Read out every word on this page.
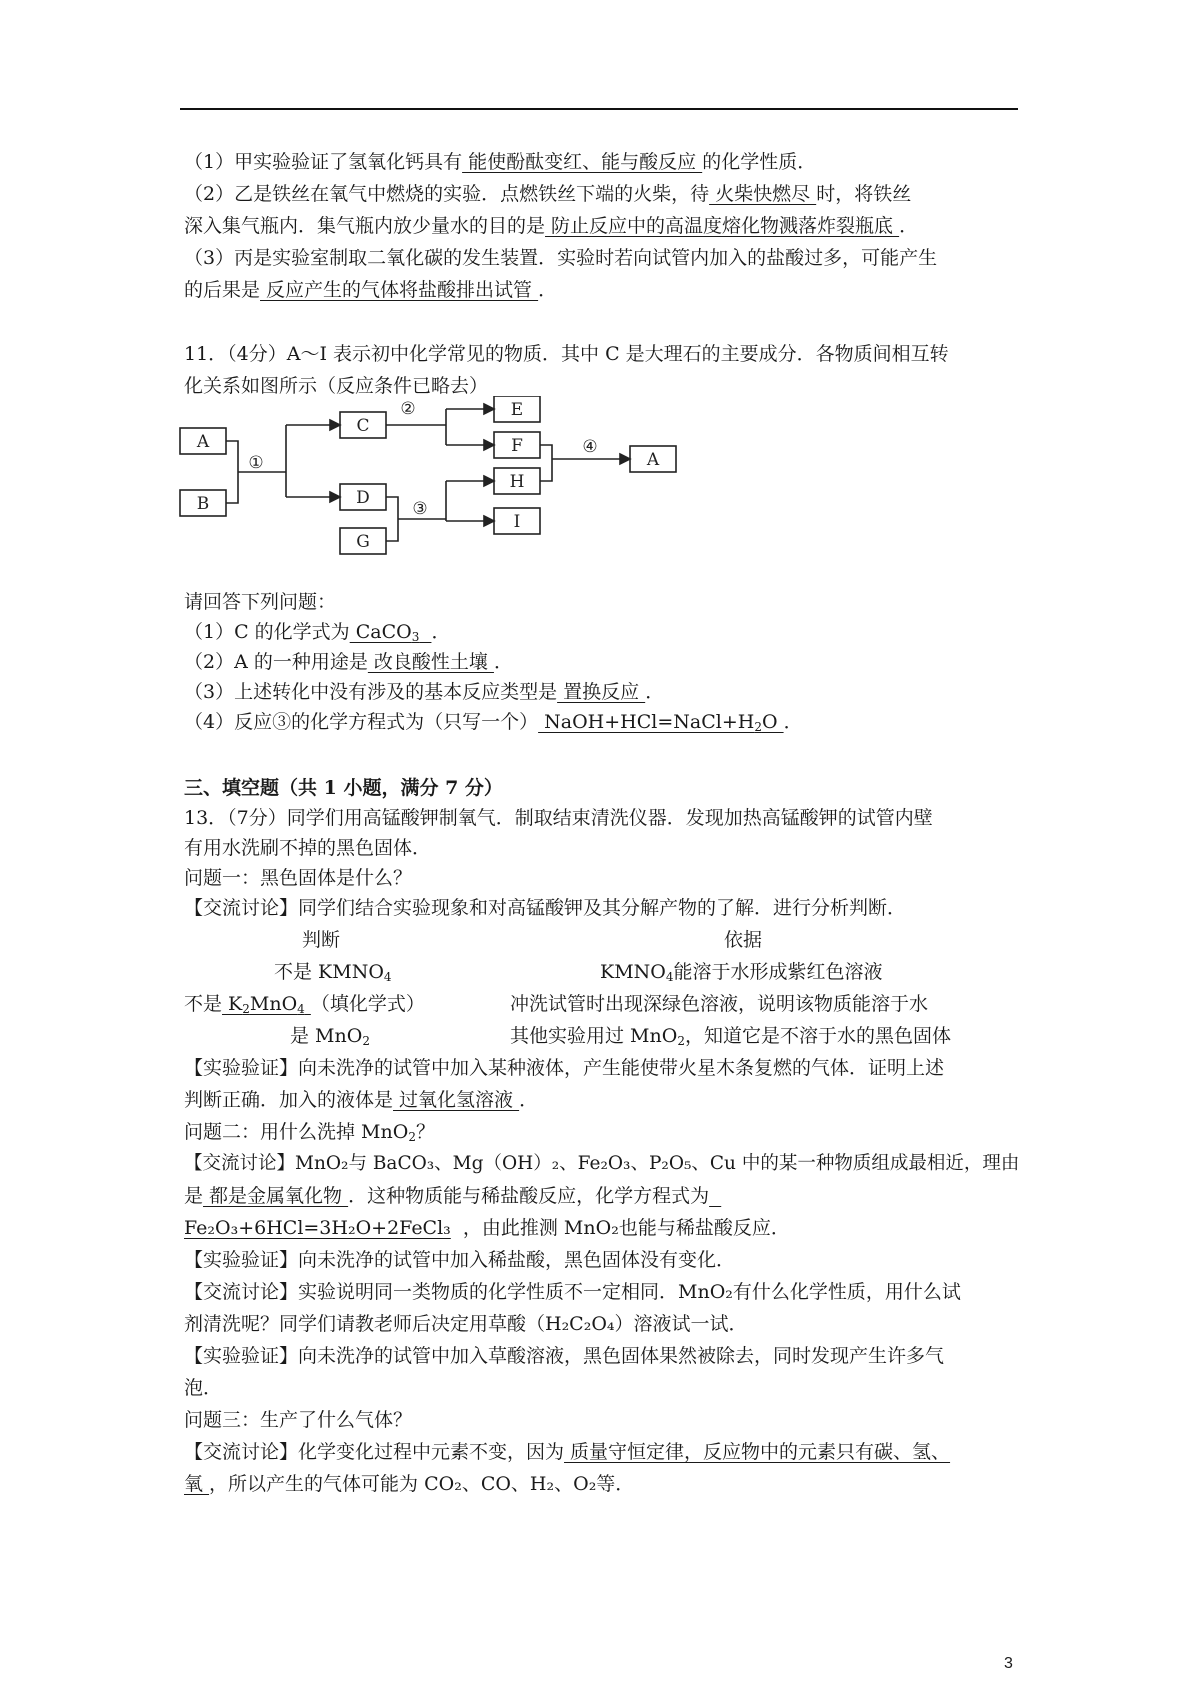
（1）甲实验验证了氢氧化钙具有 能使酚酞变红、能与酸反应 的化学性质．
（2）乙是铁丝在氧气中燃烧的实验．点燃铁丝下端的火柴，待 火柴快燃尽 时，将铁丝
深入集气瓶内．集气瓶内放少量水的目的是 防止反应中的高温度熔化物溅落炸裂瓶底 ．
（3）丙是实验室制取二氧化碳的发生装置．实验时若向试管内加入的盐酸过多，可能产生
的后果是 反应产生的气体将盐酸排出试管 ．
11．（4分）A～I 表示初中化学常见的物质．其中 C 是大理石的主要成分．各物质间相互转
化关系如图所示（反应条件已略去）
A
B
C
D
G
E
F
H
I
A
①
②
③
④
请回答下列问题：
（1）C 的化学式为 CaCO$_3$ ．
（2）A 的一种用途是 改良酸性土壤 ．
（3）上述转化中没有涉及的基本反应类型是 置换反应 ．
（4）反应③的化学方程式为（只写一个） $NaOH+HCl=NaCl+H_2O$ ．
三、填空题（共 1 小题，满分 7 分）
13．（7分）同学们用高锰酸钾制氧气．制取结束清洗仪器．发现加热高锰酸钾的试管内壁
有用水洗刷不掉的黑色固体．
问题一：黑色固体是什么？
【交流讨论】同学们结合实验现象和对高锰酸钾及其分解产物的了解．进行分析判断．
判断	依据
不是 $KMNO_4$	$KMNO_4$能溶于水形成紫红色溶液
不是 $K_2MnO_4$ （填化学式）	冲洗试管时出现深绿色溶液，说明该物质能溶于水
是 MnO$_2$	其他实验用过 MnO$_2$，知道它是不溶于水的黑色固体
【实验验证】向未洗净的试管中加入某种液体，产生能使带火星木条复燃的气体．证明上述
判断正确．加入的液体是 过氧化氢溶液 ．
问题二：用什么洗掉 MnO$_2$？
【交流讨论】MnO₂与 BaCO₃、Mg（OH）₂、Fe₂O₃、P₂O₅、Cu 中的某一种物质组成最相近，理由
是 都是金属氧化物 ．这种物质能与稀盐酸反应，化学方程式为
Fe₂O₃+6HCl=3H₂O+2FeCl₃ ，由此推测 MnO₂也能与稀盐酸反应．
【实验验证】向未洗净的试管中加入稀盐酸，黑色固体没有变化．
【交流讨论】实验说明同一类物质的化学性质不一定相同．MnO₂有什么化学性质，用什么试
剂清洗呢？同学们请教老师后决定用草酸（H₂C₂O₄）溶液试一试．
【实验验证】向未洗净的试管中加入草酸溶液，黑色固体果然被除去，同时发现产生许多气
泡．
问题三：生产了什么气体？
【交流讨论】化学变化过程中元素不变，因为 质量守恒定律，反应物中的元素只有碳、氢、
氧 ，所以产生的气体可能为 CO₂、CO、H₂、O₂等．
3
